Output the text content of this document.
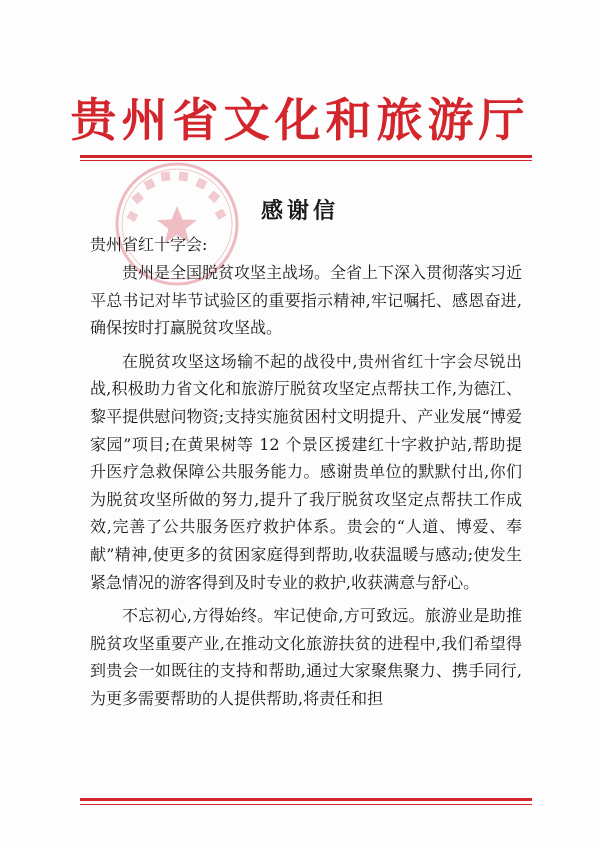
贵州省文化和旅游厅
感谢信
贵州省红十字会:

贵州是全国脱贫攻坚主战场。全省上下深入贯彻落实习近平总书记对毕节试验区的重要指示精神,牢记嘱托、感恩奋进,确保按时打赢脱贫攻坚战。

在脱贫攻坚这场输不起的战役中,贵州省红十字会尽锐出战,积极助力省文化和旅游厅脱贫攻坚定点帮扶工作,为德江、黎平提供慰问物资;支持实施贫困村文明提升、产业发展“博爱家园”项目;在黄果树等 12 个景区援建红十字救护站,帮助提升医疗急救保障公共服务能力。感谢贵单位的默默付出,你们为脱贫攻坚所做的努力,提升了我厅脱贫攻坚定点帮扶工作成效,完善了公共服务医疗救护体系。贵会的“人道、博爱、奉献”精神,使更多的贫困家庭得到帮助,收获温暖与感动;使发生紧急情况的游客得到及时专业的救护,收获满意与舒心。

不忘初心,方得始终。牢记使命,方可致远。旅游业是助推脱贫攻坚重要产业,在推动文化旅游扶贫的进程中,我们希望得到贵会一如既往的支持和帮助,通过大家聚焦聚力、携手同行,为更多需要帮助的人提供帮助,将责任和担
